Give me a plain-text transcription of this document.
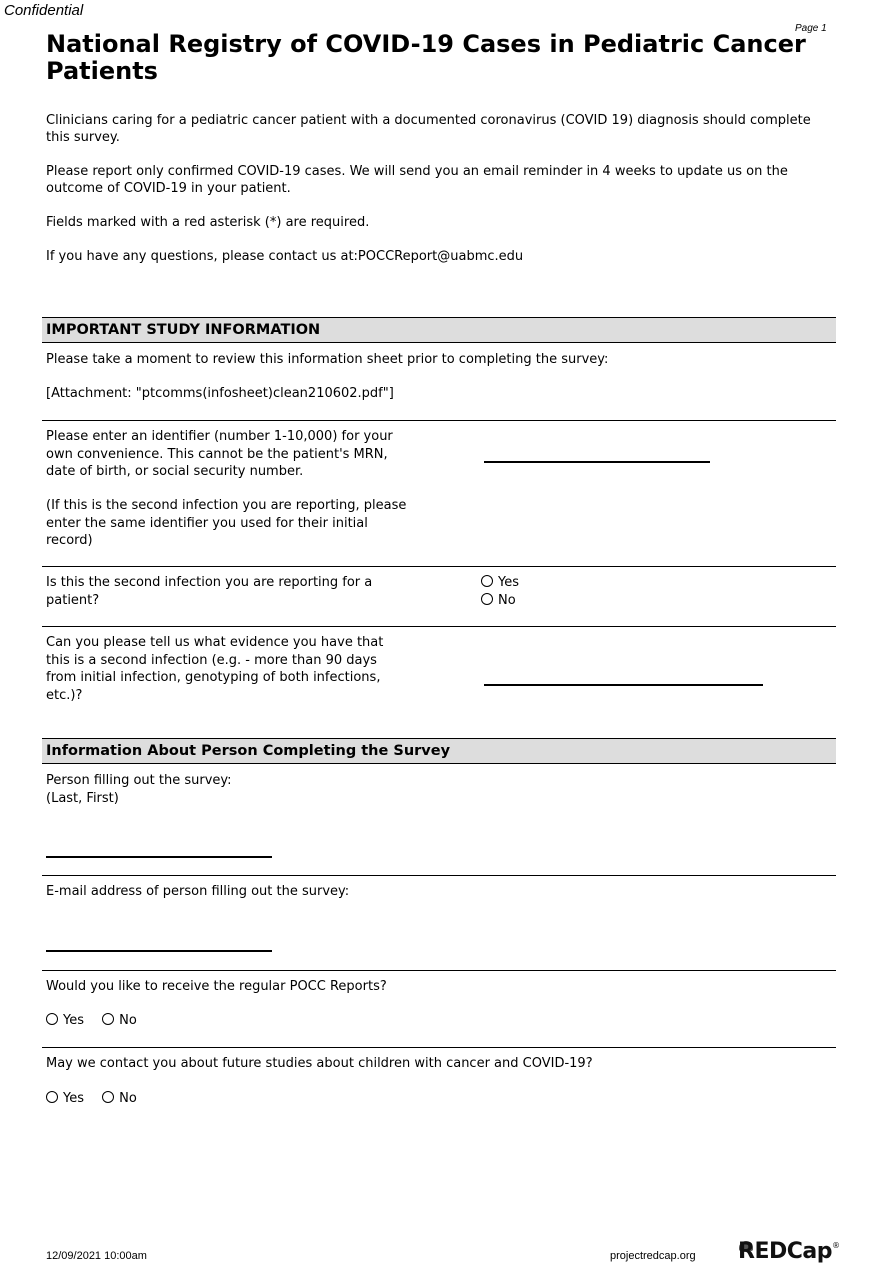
Confidential
Page 1
National Registry of COVID-19 Cases in Pediatric Cancer Patients

Clinicians caring for a pediatric cancer patient with a documented coronavirus (COVID 19) diagnosis should complete this survey.

Please report only confirmed COVID-19 cases. We will send you an email reminder in 4 weeks to update us on the outcome of COVID-19 in your patient.

Fields marked with a red asterisk (*) are required.

If you have any questions, please contact us at:POCCReport@uabmc.edu

IMPORTANT STUDY INFORMATION
Please take a moment to review this information sheet prior to completing the survey:
[Attachment: "ptcomms(infosheet)clean210602.pdf"]
Please enter an identifier (number 1-10,000) for your own convenience. This cannot be the patient's MRN, date of birth, or social security number.
(If this is the second infection you are reporting, please enter the same identifier you used for their initial record)
Is this the second infection you are reporting for a patient?
Yes
No
Can you please tell us what evidence you have that this is a second infection (e.g. - more than 90 days from initial infection, genotyping of both infections, etc.)?
Information About Person Completing the Survey
Person filling out the survey:
(Last, First)
E-mail address of person filling out the survey:
Would you like to receive the regular POCC Reports?
Yes	No
May we contact you about future studies about children with cancer and COVID-19?
Yes	No
12/09/2021 10:00am	projectredcap.org REDCap®
